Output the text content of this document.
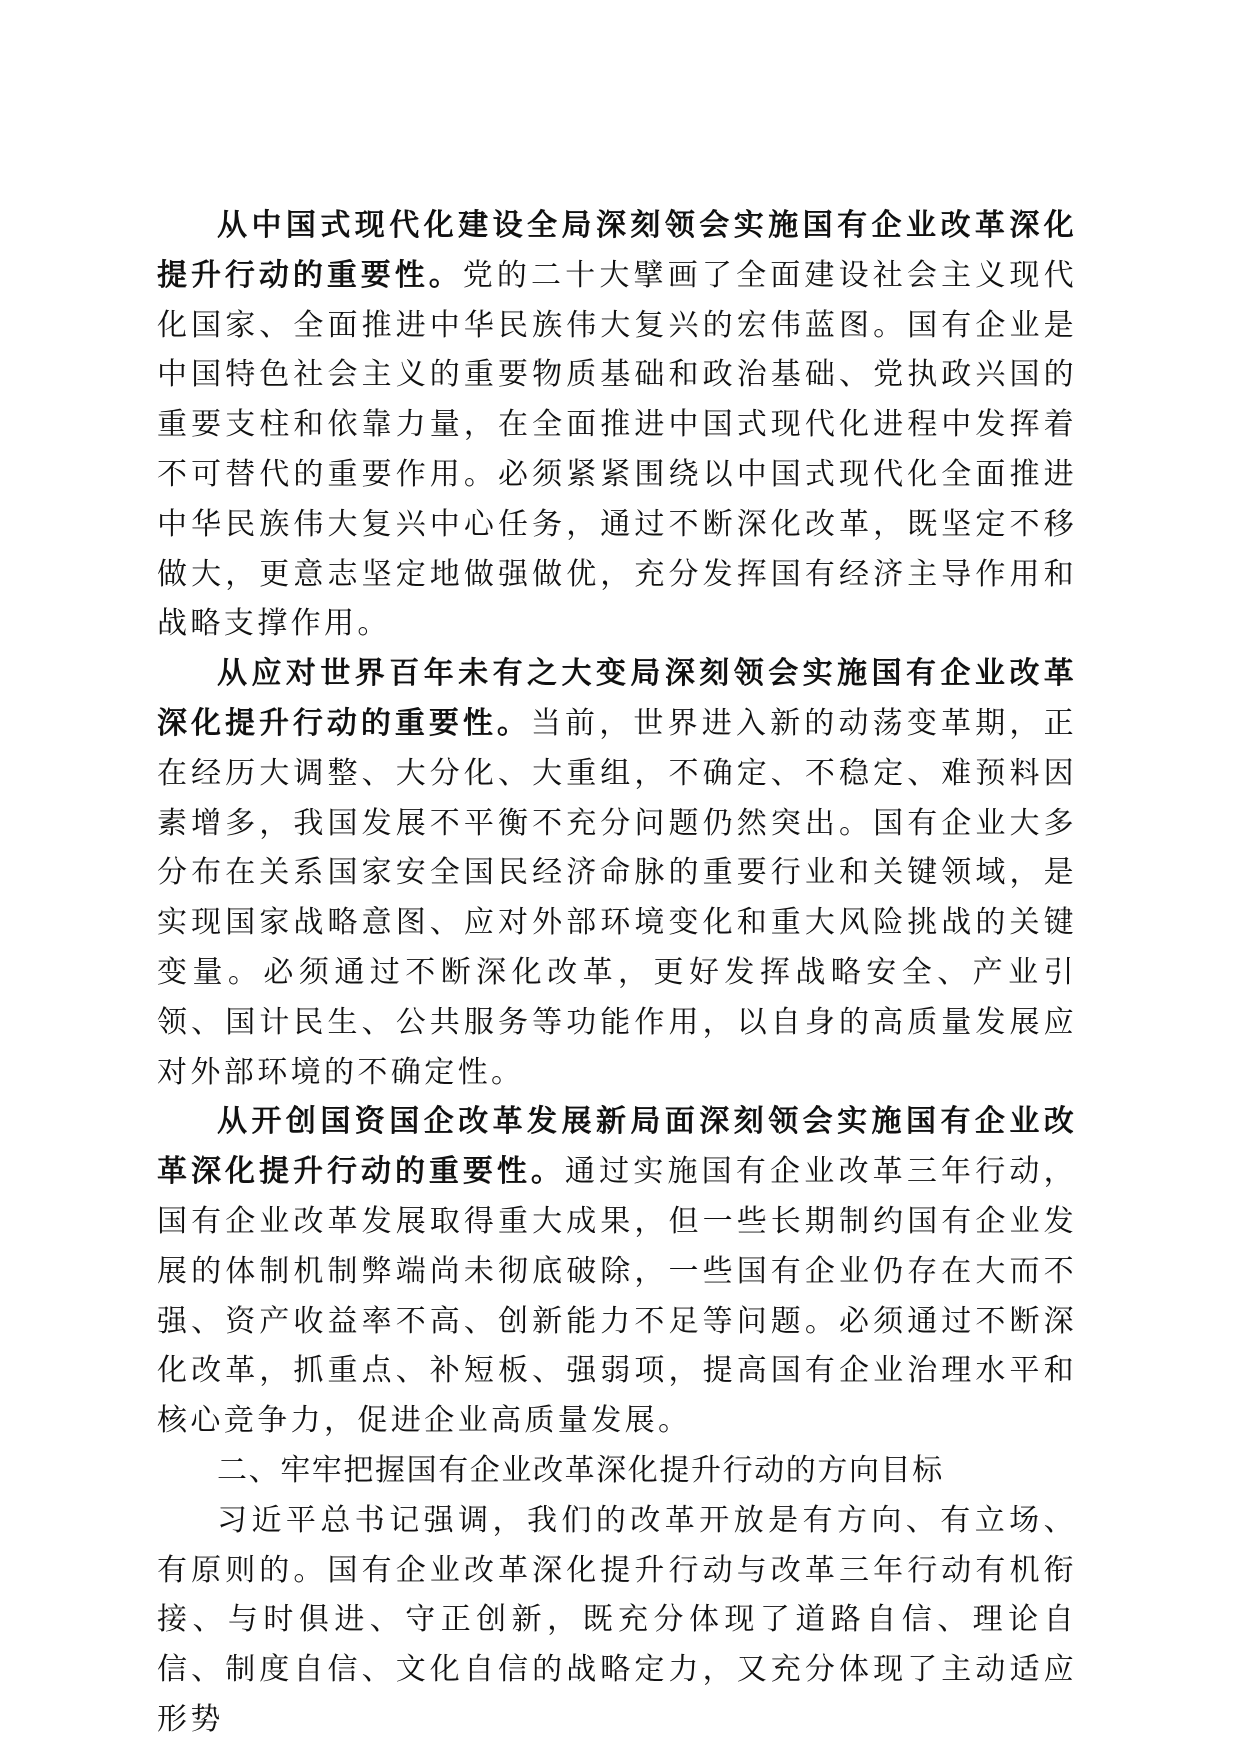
从中国式现代化建设全局深刻领会实施国有企业改革深化提升行动的重要性。党的二十大擘画了全面建设社会主义现代化国家、全面推进中华民族伟大复兴的宏伟蓝图。国有企业是中国特色社会主义的重要物质基础和政治基础、党执政兴国的重要支柱和依靠力量，在全面推进中国式现代化进程中发挥着不可替代的重要作用。必须紧紧围绕以中国式现代化全面推进中华民族伟大复兴中心任务，通过不断深化改革，既坚定不移做大，更意志坚定地做强做优，充分发挥国有经济主导作用和战略支撑作用。

从应对世界百年未有之大变局深刻领会实施国有企业改革深化提升行动的重要性。当前，世界进入新的动荡变革期，正在经历大调整、大分化、大重组，不确定、不稳定、难预料因素增多，我国发展不平衡不充分问题仍然突出。国有企业大多分布在关系国家安全国民经济命脉的重要行业和关键领域，是实现国家战略意图、应对外部环境变化和重大风险挑战的关键变量。必须通过不断深化改革，更好发挥战略安全、产业引领、国计民生、公共服务等功能作用，以自身的高质量发展应对外部环境的不确定性。

从开创国资国企改革发展新局面深刻领会实施国有企业改革深化提升行动的重要性。通过实施国有企业改革三年行动，国有企业改革发展取得重大成果，但一些长期制约国有企业发展的体制机制弊端尚未彻底破除，一些国有企业仍存在大而不强、资产收益率不高、创新能力不足等问题。必须通过不断深化改革，抓重点、补短板、强弱项，提高国有企业治理水平和核心竞争力，促进企业高质量发展。

二、牢牢把握国有企业改革深化提升行动的方向目标

习近平总书记强调，我们的改革开放是有方向、有立场、有原则的。国有企业改革深化提升行动与改革三年行动有机衔接、与时俱进、守正创新，既充分体现了道路自信、理论自信、制度自信、文化自信的战略定力，又充分体现了主动适应形势
